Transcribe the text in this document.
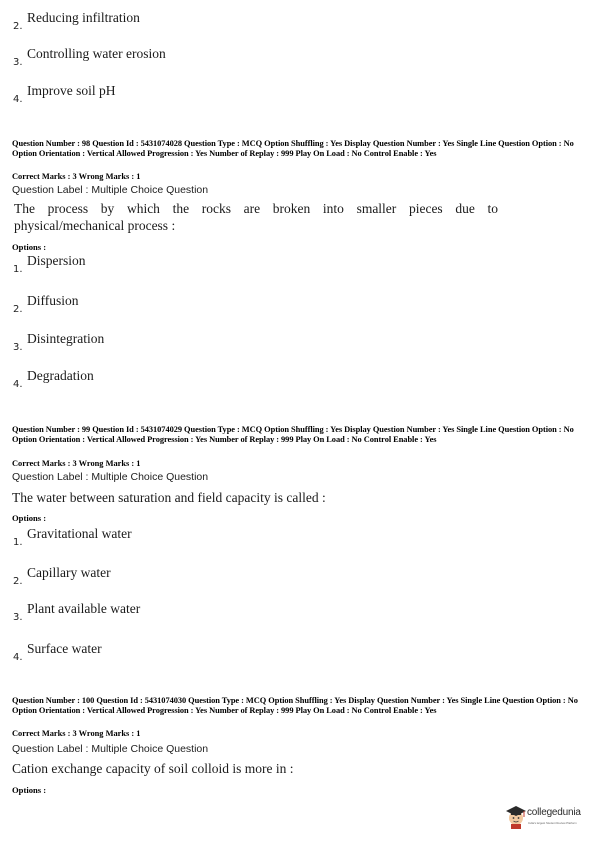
2.
Reducing infiltration
3.
Controlling water erosion
4.
Improve soil pH
Question Number : 98 Question Id : 5431074028 Question Type : MCQ Option Shuffling : Yes Display Question Number : Yes Single Line Question Option : No Option Orientation : Vertical Allowed Progression : Yes Number of Replay : 999 Play On Load : No Control Enable : Yes
Correct Marks : 3 Wrong Marks : 1
Question Label : Multiple Choice Question
The process by which the rocks are broken into smaller pieces due to physical/mechanical process :
Options :
1.
Dispersion
2.
Diffusion
3.
Disintegration
4.
Degradation
Question Number : 99 Question Id : 5431074029 Question Type : MCQ Option Shuffling : Yes Display Question Number : Yes Single Line Question Option : No Option Orientation : Vertical Allowed Progression : Yes Number of Replay : 999 Play On Load : No Control Enable : Yes
Correct Marks : 3 Wrong Marks : 1
Question Label : Multiple Choice Question
The water between saturation and field capacity is called :
Options :
1.
Gravitational water
2.
Capillary water
3.
Plant available water
4.
Surface water
Question Number : 100 Question Id : 5431074030 Question Type : MCQ Option Shuffling : Yes Display Question Number : Yes Single Line Question Option : No Option Orientation : Vertical Allowed Progression : Yes Number of Replay : 999 Play On Load : No Control Enable : Yes
Correct Marks : 3 Wrong Marks : 1
Question Label : Multiple Choice Question
Cation exchange capacity of soil colloid is more in :
Options :
collegedunia
India's largest Student Review Platform
